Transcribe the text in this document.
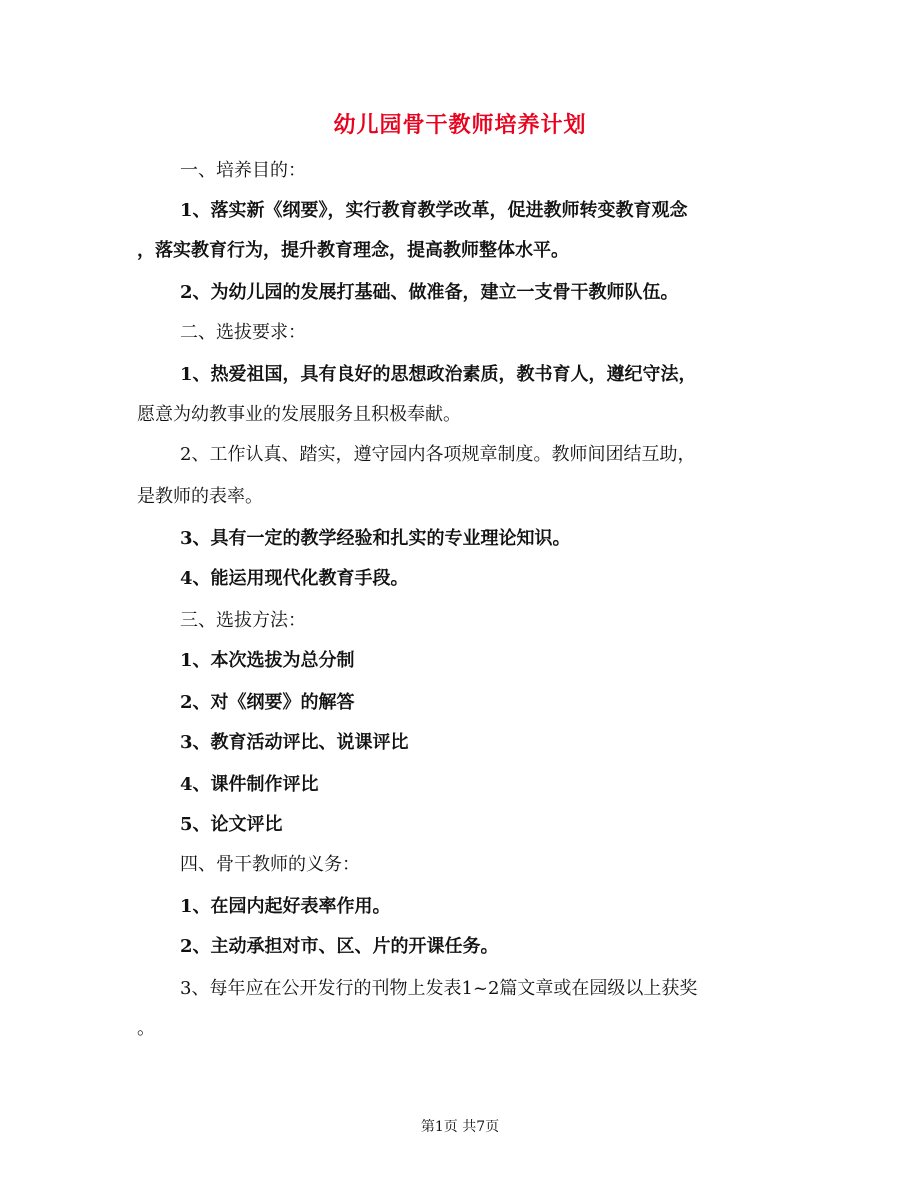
幼儿园骨干教师培养计划
一、培养目的：
1、落实新《纲要》，实行教育教学改革，促进教师转变教育观念
，落实教育行为，提升教育理念，提高教师整体水平。
2、为幼儿园的发展打基础、做准备，建立一支骨干教师队伍。
二、选拔要求：
1、热爱祖国，具有良好的思想政治素质，教书育人，遵纪守法，
愿意为幼教事业的发展服务且积极奉献。
2、工作认真、踏实，遵守园内各项规章制度。教师间团结互助，
是教师的表率。
3、具有一定的教学经验和扎实的专业理论知识。
4、能运用现代化教育手段。
三、选拔方法：
1、本次选拔为总分制
2、对《纲要》的解答
3、教育活动评比、说课评比
4、课件制作评比
5、论文评比
四、骨干教师的义务：
1、在园内起好表率作用。
2、主动承担对市、区、片的开课任务。
3、每年应在公开发行的刊物上发表1~2篇文章或在园级以上获奖
。
第1页 共7页
